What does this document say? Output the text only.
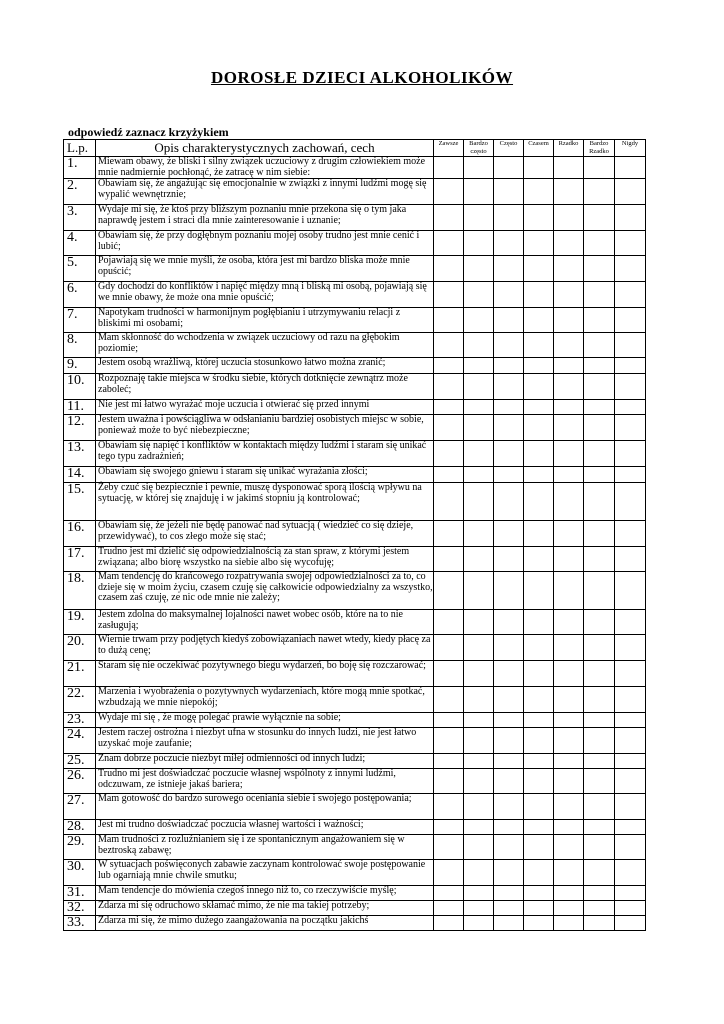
DOROSŁE DZIECI ALKOHOLIKÓW
odpowiedź zaznacz krzyżykiem
L.p.	Opis charakterystycznych zachowań, cech	Zawsze	Bardzo często	Często	Czasem	Rzadko	Bardzo Rzadko	Nigdy
1.	Miewam obawy, że bliski i silny związek uczuciowy z drugim człowiekiem może mnie nadmiernie pochłonąć, że zatracę w nim siebie:							
2.	Obawiam się, że angażując się emocjonalnie w związki z innymi ludźmi mogę się wypalić wewnętrznie;							
3.	Wydaje mi się, że ktoś przy bliższym poznaniu mnie przekona się o tym jaka naprawdę jestem i straci dla mnie zainteresowanie i uznanie;							
4.	Obawiam się, że przy dogłębnym poznaniu mojej osoby trudno jest mnie cenić i lubić;							
5.	Pojawiają się we mnie myśli, że osoba, która jest mi bardzo bliska może mnie opuścić;							
6.	Gdy dochodzi do konfliktów i napięć między mną i bliską mi osobą, pojawiają się we mnie obawy, że może ona mnie opuścić;							
7.	Napotykam trudności w harmonijnym pogłębianiu i utrzymywaniu relacji z bliskimi mi osobami;							
8.	Mam skłonność do wchodzenia w związek uczuciowy od razu na głębokim poziomie;							
9.	Jestem osobą wrażliwą, której uczucia stosunkowo łatwo można zranić;							
10.	Rozpoznaję takie miejsca w środku siebie, których dotknięcie zewnątrz może zaboleć;							
11.	Nie jest mi łatwo wyrażać moje uczucia i otwierać się przed innymi							
12.	Jestem uważna i powściągliwa w odsłanianiu bardziej osobistych miejsc w sobie, ponieważ może to być niebezpieczne;							
13.	Obawiam się napięć i konfliktów w kontaktach między ludźmi i staram się unikać tego typu zadrażnień;							
14.	Obawiam się swojego gniewu i staram się unikać wyrażania złości;							
15.	Żeby czuć się bezpiecznie i pewnie, muszę dysponować sporą ilością wpływu na sytuację, w której się znajduję i w jakimś stopniu ją kontrolować;							
16.	Obawiam się, że jeżeli nie będę panować nad sytuacją ( wiedzieć co się dzieje, przewidywać), to cos złego może się stać;							
17.	Trudno jest mi dzielić się odpowiedzialnością za stan spraw, z którymi jestem związana; albo biorę wszystko na siebie albo się wycofuję;							
18.	Mam tendencję do krańcowego rozpatrywania swojej odpowiedzialności za to, co dzieje się w moim życiu, czasem czuję się całkowicie odpowiedzialny za wszystko, czasem zaś czuję, ze nic ode mnie nie zależy;							
19.	Jestem zdolna do maksymalnej lojalności nawet wobec osób, które na to nie zasługują;							
20.	Wiernie trwam przy podjętych kiedyś zobowiązaniach nawet wtedy, kiedy płacę za to dużą cenę;							
21.	Staram się nie oczekiwać pozytywnego biegu wydarzeń, bo boję się rozczarować;							
22.	Marzenia i wyobrażenia o pozytywnych wydarzeniach, które mogą mnie spotkać, wzbudzają we mnie niepokój;							
23.	Wydaje mi się , że mogę polegać prawie wyłącznie na sobie;							
24.	Jestem raczej ostrożna i niezbyt ufna w stosunku do innych ludzi, nie jest łatwo uzyskać moje zaufanie;							
25.	Znam dobrze poczucie niezbyt miłej odmienności od innych ludzi;							
26.	Trudno mi jest doświadczać poczucie własnej wspólnoty z innymi ludźmi, odczuwam, ze istnieje jakaś bariera;							
27.	Mam gotowość do bardzo surowego oceniania siebie i swojego postępowania;							
28.	Jest mi trudno doświadczać poczucia własnej wartości i ważności;							
29.	Mam trudności z rozluźnianiem się i ze spontanicznym angażowaniem się w beztroską zabawę;							
30.	W sytuacjach poświęconych zabawie zaczynam kontrolować swoje postępowanie lub ogarniają mnie chwile smutku;							
31.	Mam tendencje do mówienia czegoś innego niż to, co rzeczywiście myślę;							
32.	Zdarza mi się odruchowo skłamać mimo, że nie ma takiej potrzeby;							
33.	Zdarza mi się, że mimo dużego zaangażowania na początku jakichś							
